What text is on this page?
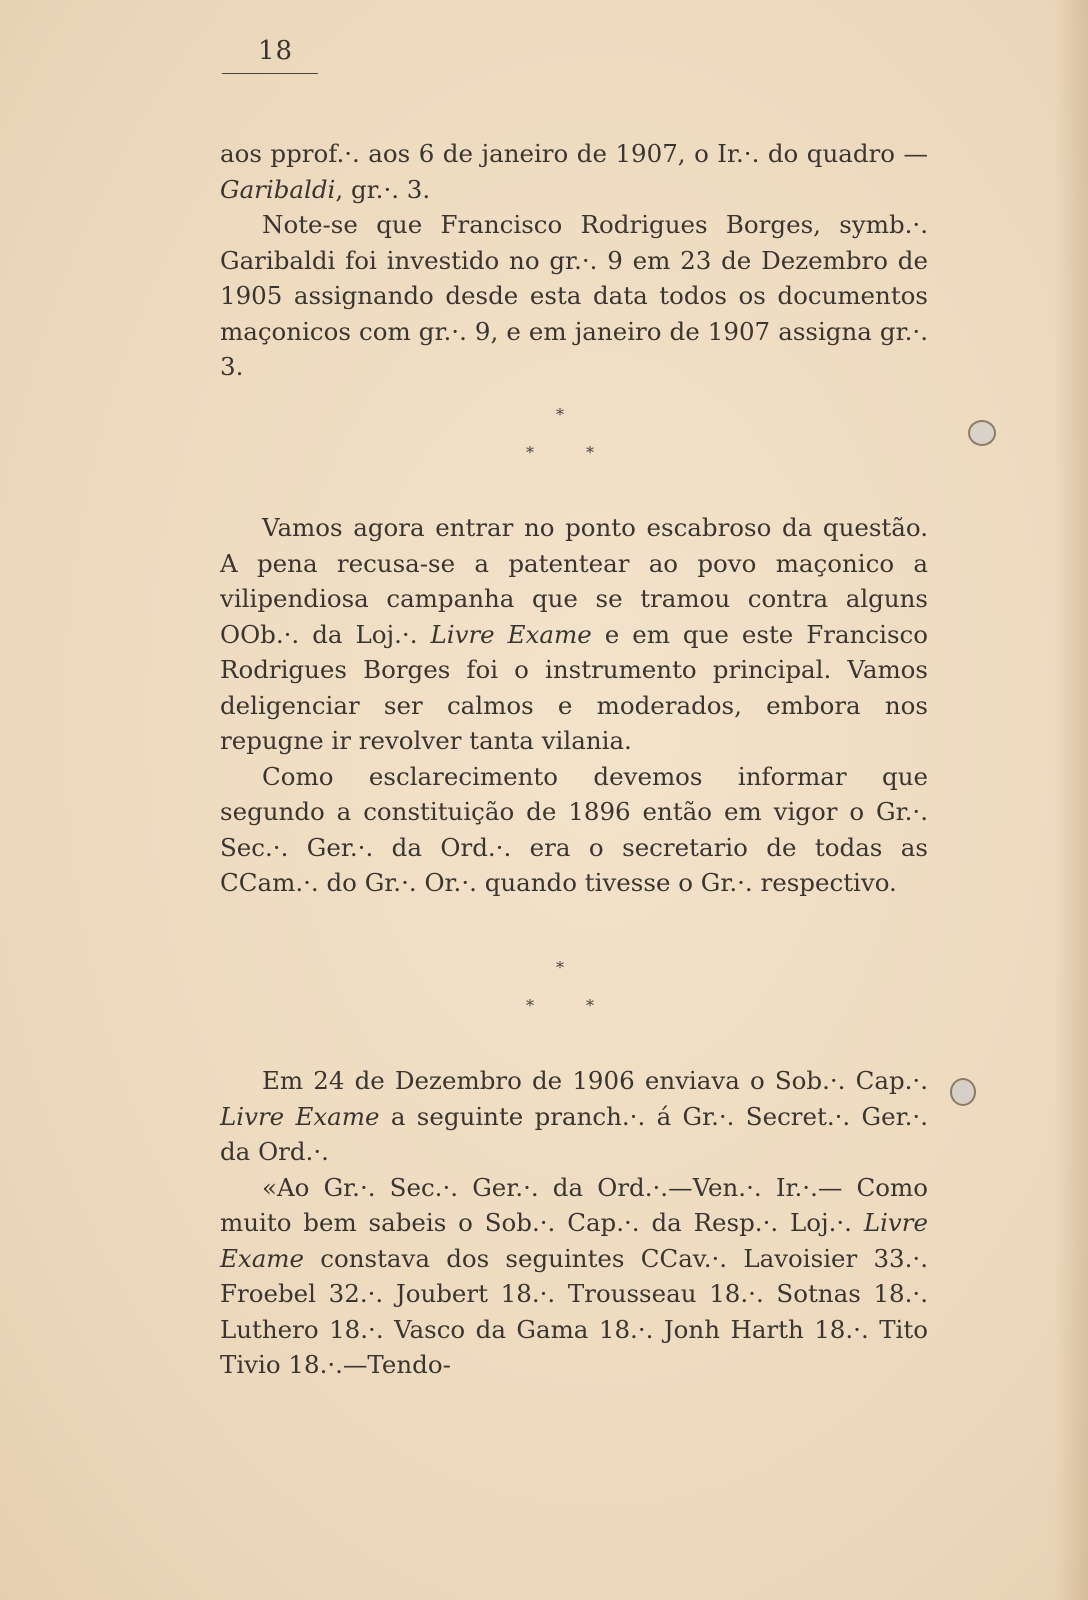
18

aos pprof.·. aos 6 de janeiro de 1907, o Ir.·. do quadro —Garibaldi, gr.·. 3.

Note-se que Francisco Rodrigues Borges, symb.·. Garibaldi foi investido no gr.·. 9 em 23 de Dezembro de 1905 assignando desde esta data todos os documentos maçonicos com gr.·. 9, e em janeiro de 1907 assigna gr.·. 3.

*
*	*

Vamos agora entrar no ponto escabroso da questão. A pena recusa-se a patentear ao povo maçonico a vilipendiosa campanha que se tramou contra alguns OOb.·. da Loj.·. Livre Exame e em que este Francisco Rodrigues Borges foi o instrumento principal. Vamos deligenciar ser calmos e moderados, embora nos repugne ir revolver tanta vilania.

Como esclarecimento devemos informar que segundo a constituição de 1896 então em vigor o Gr.·. Sec.·. Ger.·. da Ord.·. era o secretario de todas as CCam.·. do Gr.·. Or.·. quando tivesse o Gr.·. respectivo.

*
*	*

Em 24 de Dezembro de 1906 enviava o Sob.·. Cap.·. Livre Exame a seguinte pranch.·. á Gr.·. Secret.·. Ger.·. da Ord.·.

«Ao Gr.·. Sec.·. Ger.·. da Ord.·.—Ven.·. Ir.·.— Como muito bem sabeis o Sob.·. Cap.·. da Resp.·. Loj.·. Livre Exame constava dos seguintes CCav.·. Lavoisier 33.·. Froebel 32.·. Joubert 18.·. Trousseau 18.·. Sotnas 18.·. Luthero 18.·. Vasco da Gama 18.·. Jonh Harth 18.·. Tito Tivio 18.·.—Tendo-
